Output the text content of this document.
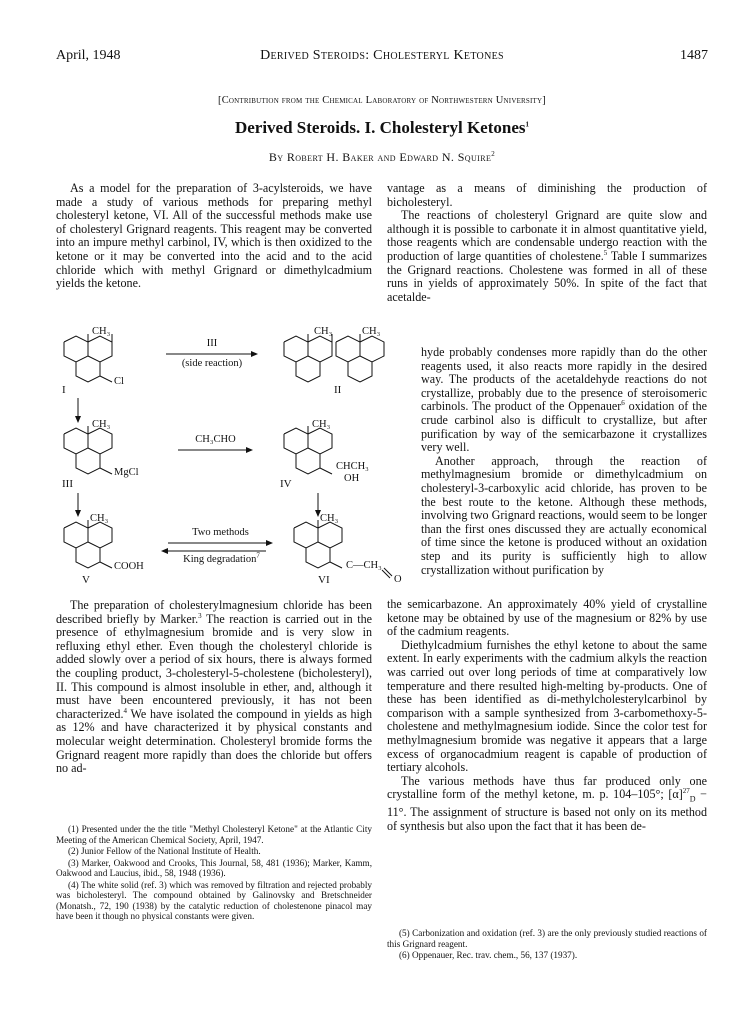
April, 1948	Derived Steroids: Cholesteryl Ketones	1487
[Contribution from the Chemical Laboratory of Northwestern University]
Derived Steroids. I. Cholesteryl Ketones$^1$
By Robert H. Baker and Edward N. Squire$^2$

As a model for the preparation of 3-acylsteroids, we have made a study of various methods for preparing methyl cholesteryl ketone, VI. All of the successful methods make use of cholesteryl Grignard reagents. This reagent may be converted into an impure methyl carbinol, IV, which is then oxidized to the ketone or it may be converted into the acid and to the acid chloride which with methyl Grignard or dimethylcadmium yields the ketone.

vantage as a means of diminishing the production of bicholesteryl.

The reactions of cholesteryl Grignard are quite slow and although it is possible to carbonate it in almost quantitative yield, those reagents which are condensable undergo reaction with the production of large quantities of cholestene.$^5$ Table I summarizes the Grignard reactions. Cholestene was formed in all of these runs in yields of approximately 50%. In spite of the fact that acetalde-

hyde probably condenses more rapidly than do the other reagents used, it also reacts more rapidly in the desired way. The products of the acetaldehyde reactions do not crystallize, probably due to the presence of steroisomeric carbinols. The product of the Oppenauer$^6$ oxidation of the crude carbinol also is difficult to crystallize, but after purification by way of the semicarbazone it crystallizes very well.

Another approach, through the reaction of methylmagnesium bromide or dimethylcadmium on cholesteryl-3-carboxylic acid chloride, has proven to be the best route to the ketone. Although these methods, involving two Grignard reactions, would seem to be longer than the first ones discussed they are actually economical of time since the ketone is produced without an oxidation step and its purity is sufficiently high to allow crystallization without purification by

CH₃	CH₃	CH₃
CH₃	CH₃
CH₃	CH₃
Cl
MgCl
COOH
CHCH₃
OH
C—CH₃
O
I	II
III	IV
V	VI
III
(side reaction)
CH₃CHO
Two methods
King degradation$^7$

The preparation of cholesterylmagnesium chloride has been described briefly by Marker.$^3$ The reaction is carried out in the presence of ethylmagnesium bromide and is very slow in refluxing ethyl ether. Even though the cholesteryl chloride is added slowly over a period of six hours, there is always formed the coupling product, 3-cholesteryl-5-cholestene (bicholesteryl), II. This compound is almost insoluble in ether, and, although it must have been encountered previously, it has not been characterized.$^4$ We have isolated the compound in yields as high as 12% and have characterized it by physical constants and molecular weight determination. Cholesteryl bromide forms the Grignard reagent more rapidly than does the chloride but offers no ad-

the semicarbazone. An approximately 40% yield of crystalline ketone may be obtained by use of the magnesium or 82% by use of the cadmium reagents.

Diethylcadmium furnishes the ethyl ketone to about the same extent. In early experiments with the cadmium alkyls the reaction was carried out over long periods of time at comparatively low temperature and there resulted high-melting by-products. One of these has been identified as di-methylcholesterylcarbinol by comparison with a sample synthesized from 3-carbomethoxy-5-cholestene and methylmagnesium iodide. Since the color test for methylmagnesium bromide was negative it appears that a large excess of organocadmium reagent is capable of production of tertiary alcohols.

The various methods have thus far produced only one crystalline form of the methyl ketone, m. p. 104–105°; $[\alpha]^{27}_D - 11^\circ$. The assignment of structure is based not only on its method of synthesis but also upon the fact that it has been de-

(1) Presented under the the title "Methyl Cholesteryl Ketone" at the Atlantic City Meeting of the American Chemical Society, April, 1947.

(2) Junior Fellow of the National Institute of Health.

(3) Marker, Oakwood and Crooks, This Journal, 58, 481 (1936); Marker, Kamm, Oakwood and Laucius, ibid., 58, 1948 (1936).

(4) The white solid (ref. 3) which was removed by filtration and rejected probably was bicholesteryl. The compound obtained by Galinovsky and Bretschneider (Monatsh., 72, 190 (1938) by the catalytic reduction of cholestenone pinacol may have been it though no physical constants were given.

(5) Carbonization and oxidation (ref. 3) are the only previously studied reactions of this Grignard reagent.

(6) Oppenauer, Rec. trav. chem., 56, 137 (1937).
